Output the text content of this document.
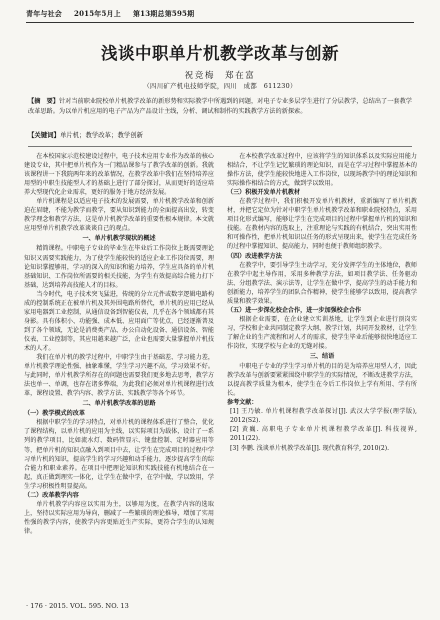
青年与社会 2015年5月上 第13期总第595期
浅谈中职单片机教学改革与创新
祝竞梅　郑在富
（四川矿产机电技师学院，四川　成都　611230）
【摘　要】针对当前职业院校单片机教学改革的新形势和实际教学中所遇到的问题，对电子专业多层学生进行了分层教学，总结出了一套教学改革思路。为以单片机应用的电子产品为产品设计主线，分析、调试和制作的实践教学方法的新探索。
【关键词】单片机；教学改革；教学创新

在本校国家示范校建设过程中，电子技术应用专业作为改革的核心建设专业，其中把单片机作为一门精品课参与了教学改革的创新。我就该课程讲一下我院两年来的改革情况，在教学改革中我们在坚持培养应用型的中职生技能型人才的基础上进行了部分探讨，从而更好的适应培养大型现代化企业需求，更好的服务于地方经济发展。

单片机课程是以适应电子技术的发展需要，单片机教学改革和创新迫在眉睫，不能为教学而教学，要从知识到能力的全面提高出发，转变教学理念和教学方法，这是单片机教学改革的重要性根本规律。本文就应用型单片机教学改革谈谈自己的观点。

一、单片机教学现状的概述

精简课程。中职电子专业的毕业生在毕业后工作岗位上既需要理论知识又需要实践能力，为了使学生能较快的适应企业工作岗位需要，理论知识掌握够用，学习的深入的知识和能力培养，学生应具备的单片机基础知识、工作岗位所需要的相关技能，为学生有效提高综合能力打下基础，达到培养高技能人才的目标。

当今时代，电子技术突飞猛进，传统的分立元件或数字逻辑电路构成的控制系统正在被单片机及其外围电路所替代，单片机的应用已经从家用电器到工业控制，从通信设备到智能仪表，几乎在各个领域都有其身影。具有体积小、功能强、成本低、应用面广等优点，已经逐渐普及到了各个领域，无论是消费类产品、办公自动化设备、通信设备、智能仪表、工业控制等，其应用越来越广泛，企业也需要大量掌握单片机技术的人才。

我们在单片机的教学过程中，中职学生由于基础差、学习能力差，单片机教学理论性强、抽象难懂，学生学习兴趣不高，学习效果不好。与此同时，单片机教学所存在的问题也需要我们更多地去思考，教学方法也单一、单调，也存在诸多弊端，为此我们必须对单片机课程进行改革，课程设置、教学内容、教学方法、实践教学等各个环节。

二、单片机教学改革的思路

（一）教学模式的改革

根据中职学生的学习特点，对单片机的课程体系进行了整合，优化了课程结构，以单片机的应用为主线，以实际项目为载体，设计了一系列的教学项目，比如流水灯、数码管显示、键盘控制、定时器应用等等，把单片机的知识点融入到项目中去，让学生在完成项目的过程中学习单片机的知识，提高学生的学习兴趣和动手能力，逐步提高学生的综合能力和职业素养。在项目中把理论知识和实践技能有机地结合在一起，真正做到理实一体化，让学生在做中学，在学中做，学以致用，学生学习积极性明显提高。

（二）改革教学内容

单片机教学内容应以实用为主，以够用为度，在教学内容的选取上，坚持以实际应用为导向，删减了一些繁琐的理论推导，增加了实用性强的教学内容，使教学内容更贴近生产实际，更符合学生的认知规律。

在本校教学改革过程中，应该将学生的知识体系以及实际应用能力相结合，不让学生记忆繁琐的理论知识，而是在学习过程中掌握基本的操作方法，使学生能较快地进入工作岗位，以现场教学中的理论知识和实际操作相结合的方式，做到学以致用。

（三）积极开发单片机教材

在教学过程中，我们积极开发单片机教材，重新编写了单片机教材，并把它定位为针对中职学生单片机教学改革和职业院校特点，采用项目化形式编写，能够让学生在完成项目的过程中掌握单片机的知识和技能。在教材内容的选取上，注重理论与实践的有机结合，突出实用性和可操作性，把单片机知识以任务的形式呈现出来，使学生在完成任务的过程中掌握知识、提高能力，同时也便于教师组织教学。

（四）改进教学方法

在教学中，要引导学生主动学习，充分发挥学生的主体地位，教师在教学中起主导作用，采用多种教学方法，如项目教学法、任务驱动法、分组教学法、演示法等，让学生在做中学，提高学生的动手能力和创新能力，培养学生的团队合作精神，使学生能够学以致用，提高教学质量和教学效果。

（五）进一步深化校企合作，进一步加强校企合作

根据企业需要，在企业建立实训基地，让学生到企业进行顶岗实习，学校和企业共同制定教学大纲、教学计划，共同开发教材，让学生了解企业的生产流程和对人才的需求，使学生毕业后能够很快地适应工作岗位，实现学校与企业的无缝对接。

三、结语

中职电子专业的学生学习单片机的目的是为培养应用型人才，因此教学改革与创新要紧紧围绕中职学生的实际情况，不断改进教学方法，以提高教学质量为根本，使学生在今后工作岗位上学有所用、学有所长。

参考文献：

[1] 王乃敏. 单片机课程教学改革探讨[J]. 武汉大学学报(理学版), 2012(S2).

[2] 黄巍. 高职电子专业单片机课程教学改革[J]. 科技视界, 2011(22).

[3] 李鹏. 浅谈单片机教学改革[J]. 现代教育科学, 2010(2).

· 176 · 2015. VOL. 595. NO. 13
